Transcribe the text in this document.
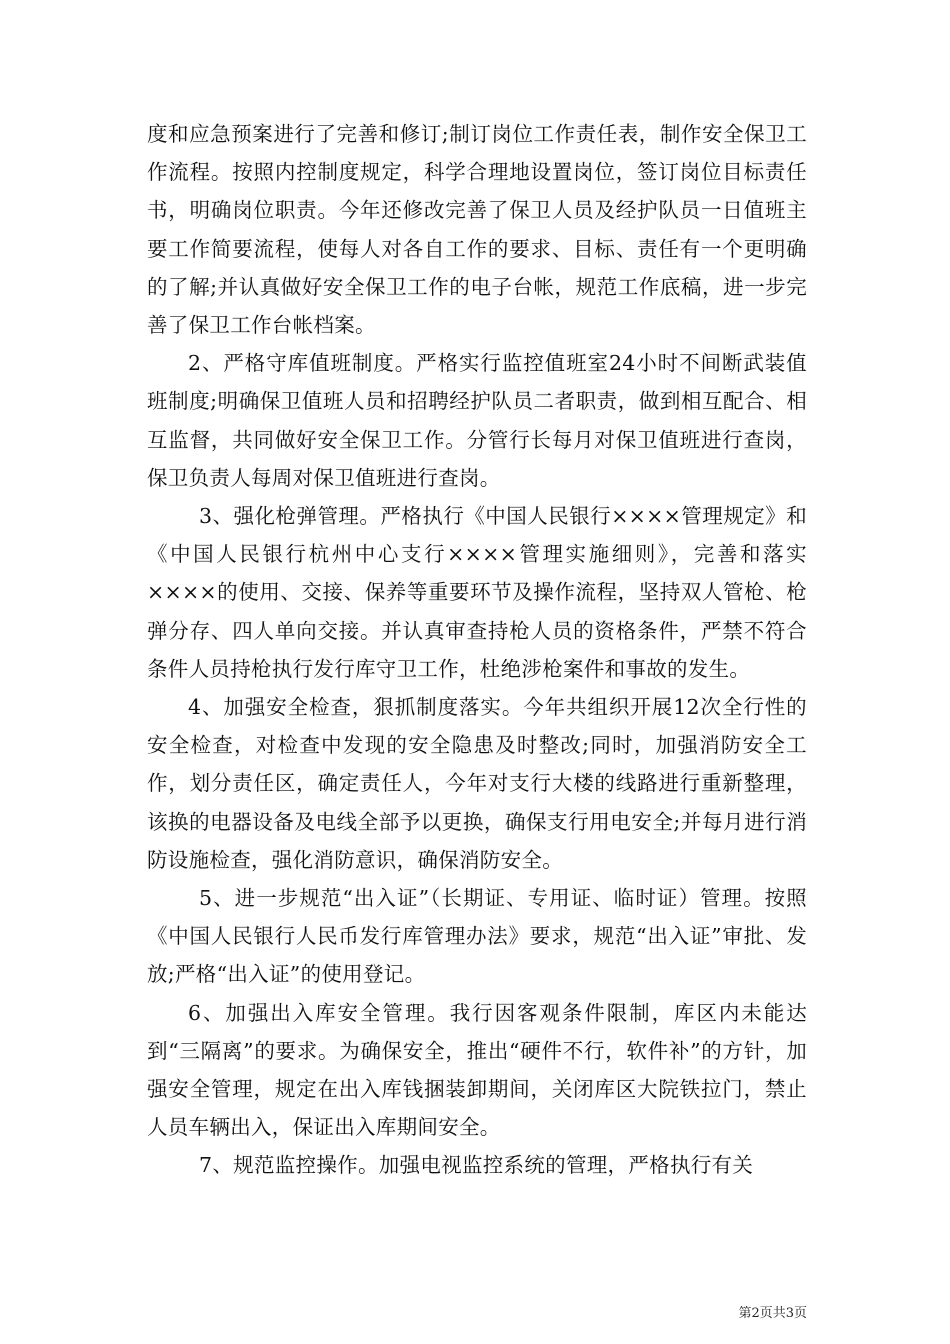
度和应急预案进行了完善和修订;制订岗位工作责任表，制作安全保卫工作流程。按照内控制度规定，科学合理地设置岗位，签订岗位目标责任书，明确岗位职责。今年还修改完善了保卫人员及经护队员一日值班主要工作简要流程，使每人对各自工作的要求、目标、责任有一个更明确的了解;并认真做好安全保卫工作的电子台帐，规范工作底稿，进一步完善了保卫工作台帐档案。

2、严格守库值班制度。严格实行监控值班室24小时不间断武装值班制度;明确保卫值班人员和招聘经护队员二者职责，做到相互配合、相互监督，共同做好安全保卫工作。分管行长每月对保卫值班进行查岗，保卫负责人每周对保卫值班进行查岗。

3、强化枪弹管理。严格执行《中国人民银行××××管理规定》和《中国人民银行杭州中心支行××××管理实施细则》，完善和落实××××的使用、交接、保养等重要环节及操作流程，坚持双人管枪、枪弹分存、四人单向交接。并认真审查持枪人员的资格条件，严禁不符合条件人员持枪执行发行库守卫工作，杜绝涉枪案件和事故的发生。

4、加强安全检查，狠抓制度落实。今年共组织开展12次全行性的安全检查，对检查中发现的安全隐患及时整改;同时，加强消防安全工作，划分责任区，确定责任人，今年对支行大楼的线路进行重新整理，该换的电器设备及电线全部予以更换，确保支行用电安全;并每月进行消防设施检查，强化消防意识，确保消防安全。

5、进一步规范“出入证”（长期证、专用证、临时证）管理。按照《中国人民银行人民币发行库管理办法》要求，规范“出入证”审批、发放;严格“出入证”的使用登记。

6、加强出入库安全管理。我行因客观条件限制，库区内未能达到“三隔离”的要求。为确保安全，推出“硬件不行，软件补”的方针，加强安全管理，规定在出入库钱捆装卸期间，关闭库区大院铁拉门，禁止人员车辆出入，保证出入库期间安全。

7、规范监控操作。加强电视监控系统的管理，严格执行有关

第2页共3页
